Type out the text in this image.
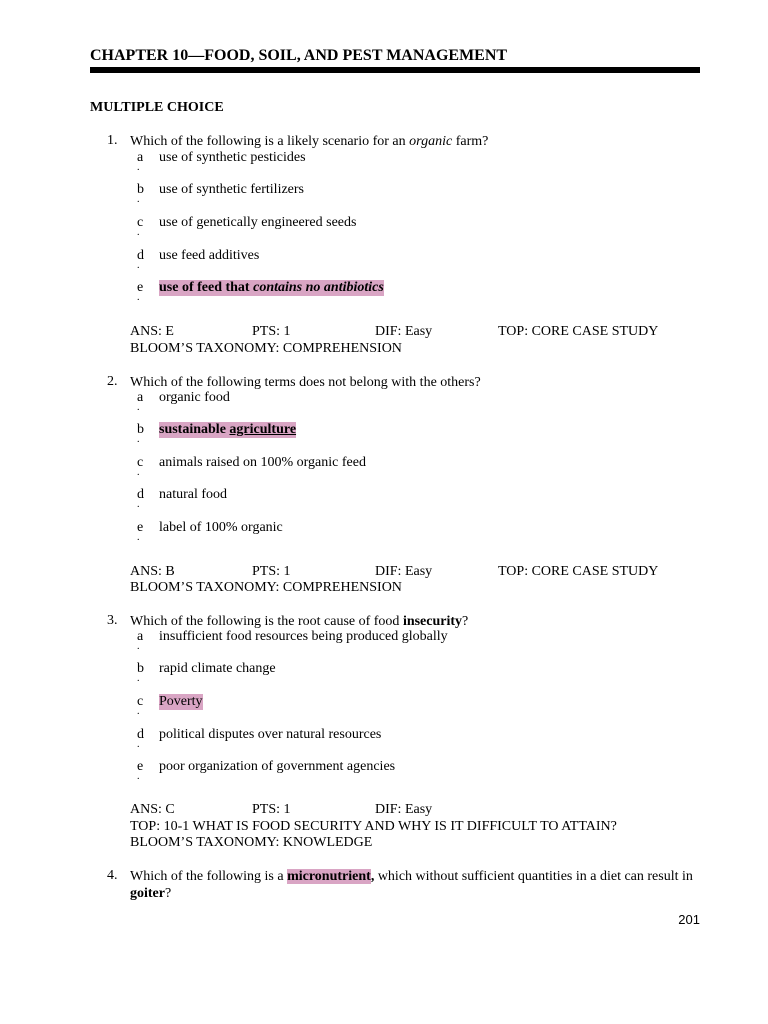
CHAPTER 10—FOOD, SOIL, AND PEST MANAGEMENT
MULTIPLE CHOICE
1. Which of the following is a likely scenario for an organic farm?
a
.
use of synthetic pesticides
b
.
use of synthetic fertilizers
c
.
use of genetically engineered seeds
d
.
use feed additives
e
.
use of feed that contains no antibiotics
ANS: E	PTS: 1	DIF: Easy	TOP: CORE CASE STUDY
BLOOM’S TAXONOMY: COMPREHENSION
2. Which of the following terms does not belong with the others?
a
.
organic food
b
.
sustainable agriculture
c
.
animals raised on 100% organic feed
d
.
natural food
e
.
label of 100% organic
ANS: B	PTS: 1	DIF: Easy	TOP: CORE CASE STUDY
BLOOM’S TAXONOMY: COMPREHENSION
3. Which of the following is the root cause of food insecurity?
a
.
insufficient food resources being produced globally
b
.
rapid climate change
c
.
Poverty
d
.
political disputes over natural resources
e
.
poor organization of government agencies
ANS: C	PTS: 1	DIF: Easy
TOP: 10-1 WHAT IS FOOD SECURITY AND WHY IS IT DIFFICULT TO ATTAIN?
BLOOM’S TAXONOMY: KNOWLEDGE
4. Which of the following is a micronutrient, which without sufficient quantities in a diet can result in
goiter?
201
